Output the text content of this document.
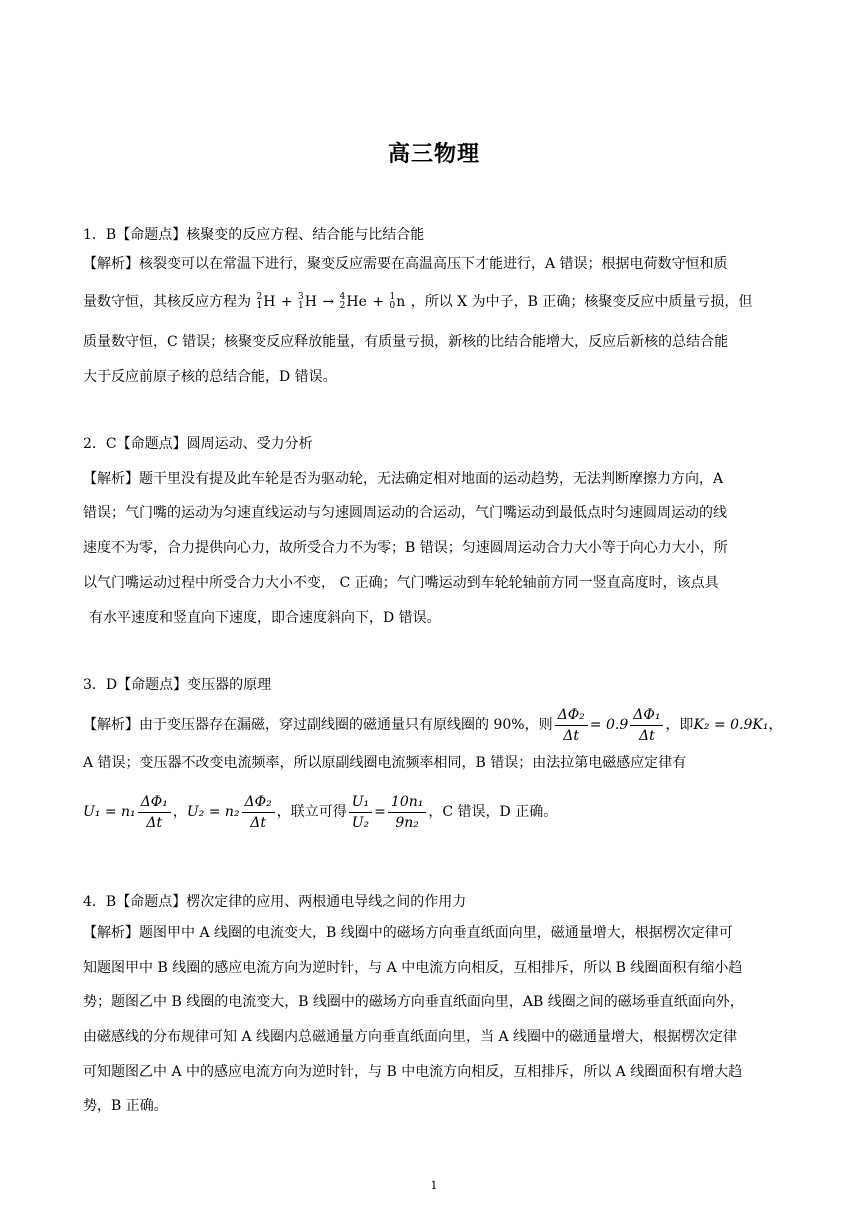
高三物理
1．B【命题点】核聚变的反应方程、结合能与比结合能
【解析】核裂变可以在常温下进行，聚变反应需要在高温高压下才能进行，A 错误；根据电荷数守恒和质
量数守恒，其核反应方程为 2
1 H + 3
1 H → 4
2 He + 1
0 n ，所以 X 为中子，B 正确；核聚变反应中质量亏损，但
质量数守恒，C 错误；核聚变反应释放能量，有质量亏损，新核的比结合能增大，反应后新核的总结合能
大于反应前原子核的总结合能，D 错误。
2．C【命题点】圆周运动、受力分析
【解析】题干里没有提及此车轮是否为驱动轮，无法确定相对地面的运动趋势，无法判断摩擦力方向，A
错误；气门嘴的运动为匀速直线运动与匀速圆周运动的合运动，气门嘴运动到最低点时匀速圆周运动的线
速度不为零，合力提供向心力，故所受合力不为零；B 错误；匀速圆周运动合力大小等于向心力大小，所
以气门嘴运动过程中所受合力大小不变， C 正确；气门嘴运动到车轮轮轴前方同一竖直高度时，该点具
有水平速度和竖直向下速度，即合速度斜向下，D 错误。
3．D【命题点】变压器的原理
【解析】由于变压器存在漏磁，穿过副线圈的磁通量只有原线圈的 90%，则 $\frac{\text{ΔΦ₂}}{\Delta t} = 0.9 \frac{\text{ΔΦ₁}}{\Delta t}$ ，即 K₂ = 0.9K₁ ，
A 错误；变压器不改变电流频率，所以原副线圈电流频率相同，B 错误；由法拉第电磁感应定律有
$U_1 = n_1 \frac{\text{ΔΦ₁}}{\Delta t}$ ， $U_2 = n_2 \frac{\text{ΔΦ₂}}{\Delta t}$ ，联立可得 $\frac{\text{U₁}}{\text{U₂}} = \frac{\text{10n₁}}{\text{9n₂}}$ ，C 错误，D 正确。
4．B【命题点】楞次定律的应用、两根通电导线之间的作用力
【解析】题图甲中 A 线圈的电流变大，B 线圈中的磁场方向垂直纸面向里，磁通量增大，根据楞次定律可
知题图甲中 B 线圈的感应电流方向为逆时针，与 A 中电流方向相反，互相排斥，所以 B 线圈面积有缩小趋
势；题图乙中 B 线圈的电流变大，B 线圈中的磁场方向垂直纸面向里，AB 线圈之间的磁场垂直纸面向外，
由磁感线的分布规律可知 A 线圈内总磁通量方向垂直纸面向里，当 A 线圈中的磁通量增大，根据楞次定律
可知题图乙中 A 中的感应电流方向为逆时针，与 B 中电流方向相反，互相排斥，所以 A 线圈面积有增大趋
势，B 正确。
1
